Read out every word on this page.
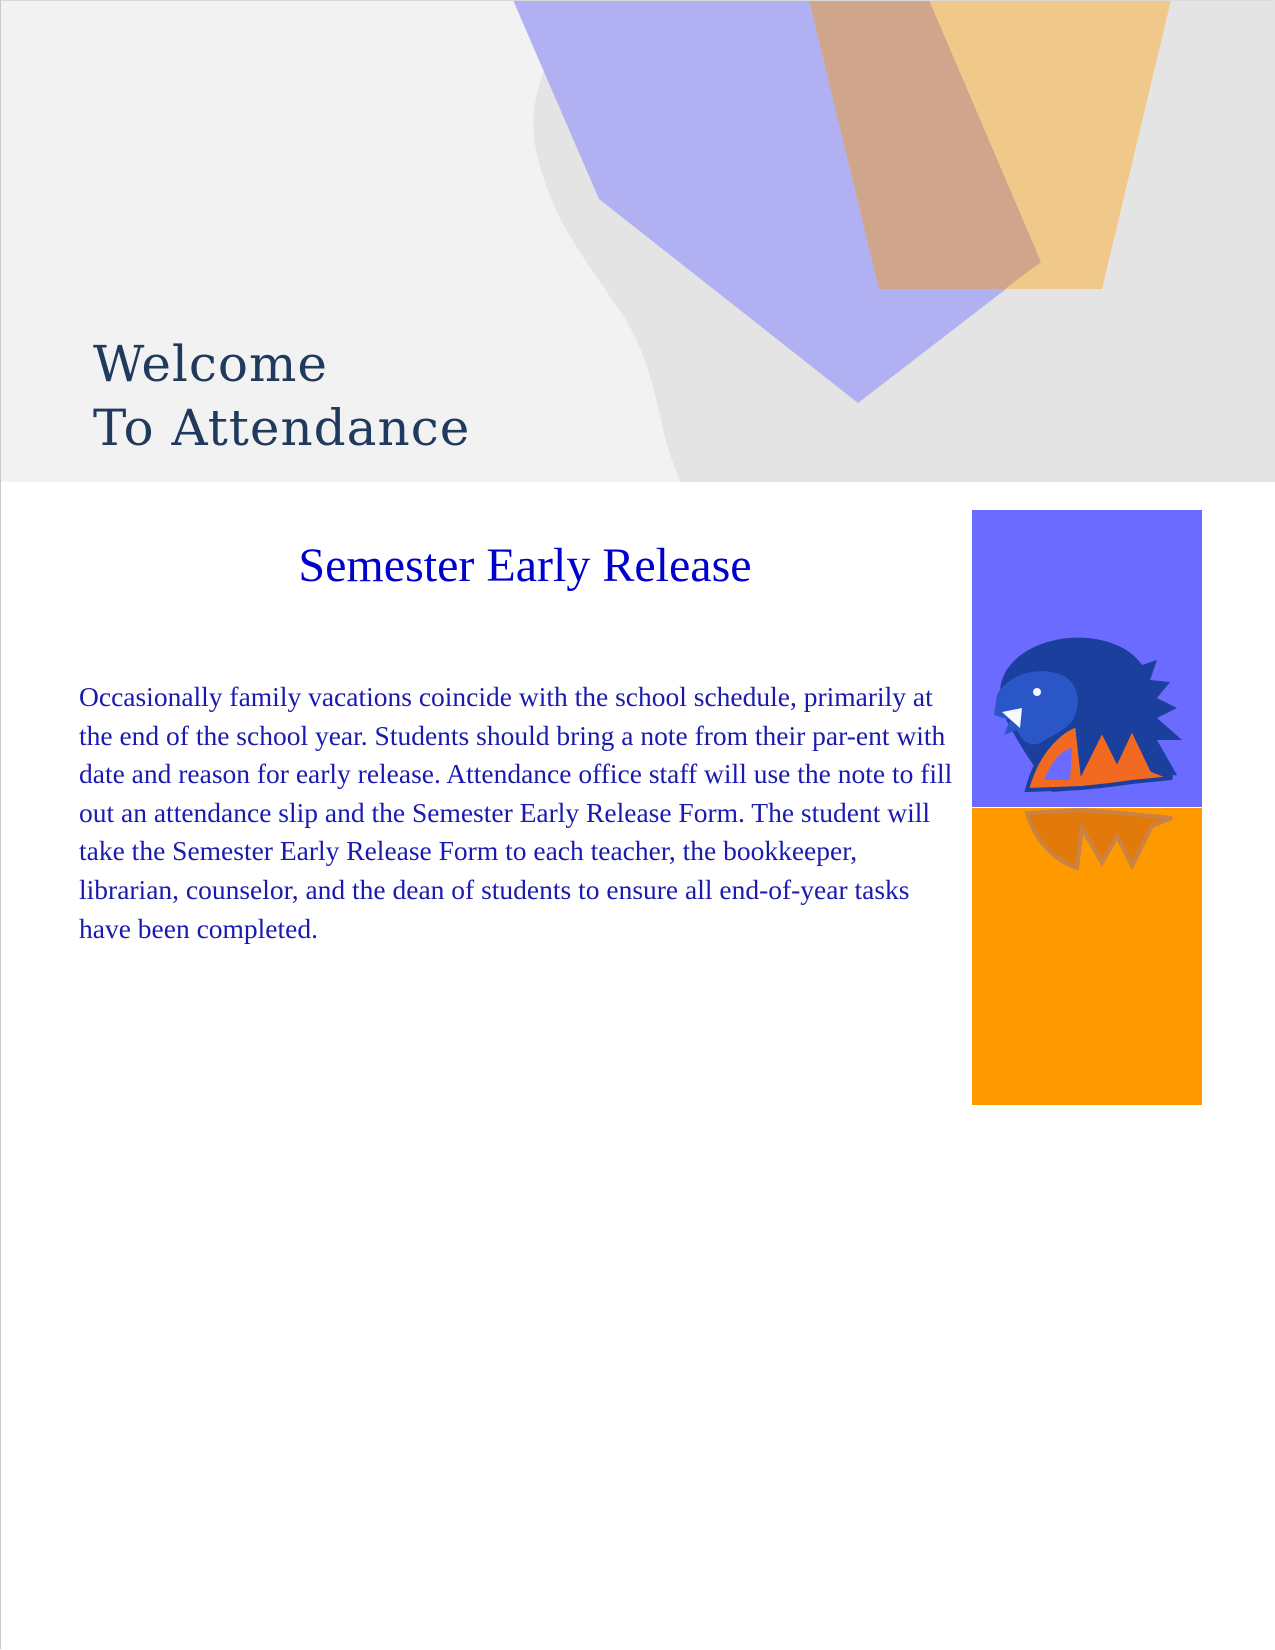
Welcome
To Attendance
Semester Early Release

Occasionally family vacations coincide with the school schedule, primarily at the end of the school year. Students should bring a note from their par-ent with date and reason for early release. Attendance office staff will use the note to fill out an attendance slip and the Semester Early Release Form. The student will take the Semester Early Release Form to each teacher, the bookkeeper, librarian, counselor, and the dean of students to ensure all end-of-year tasks have been completed.
